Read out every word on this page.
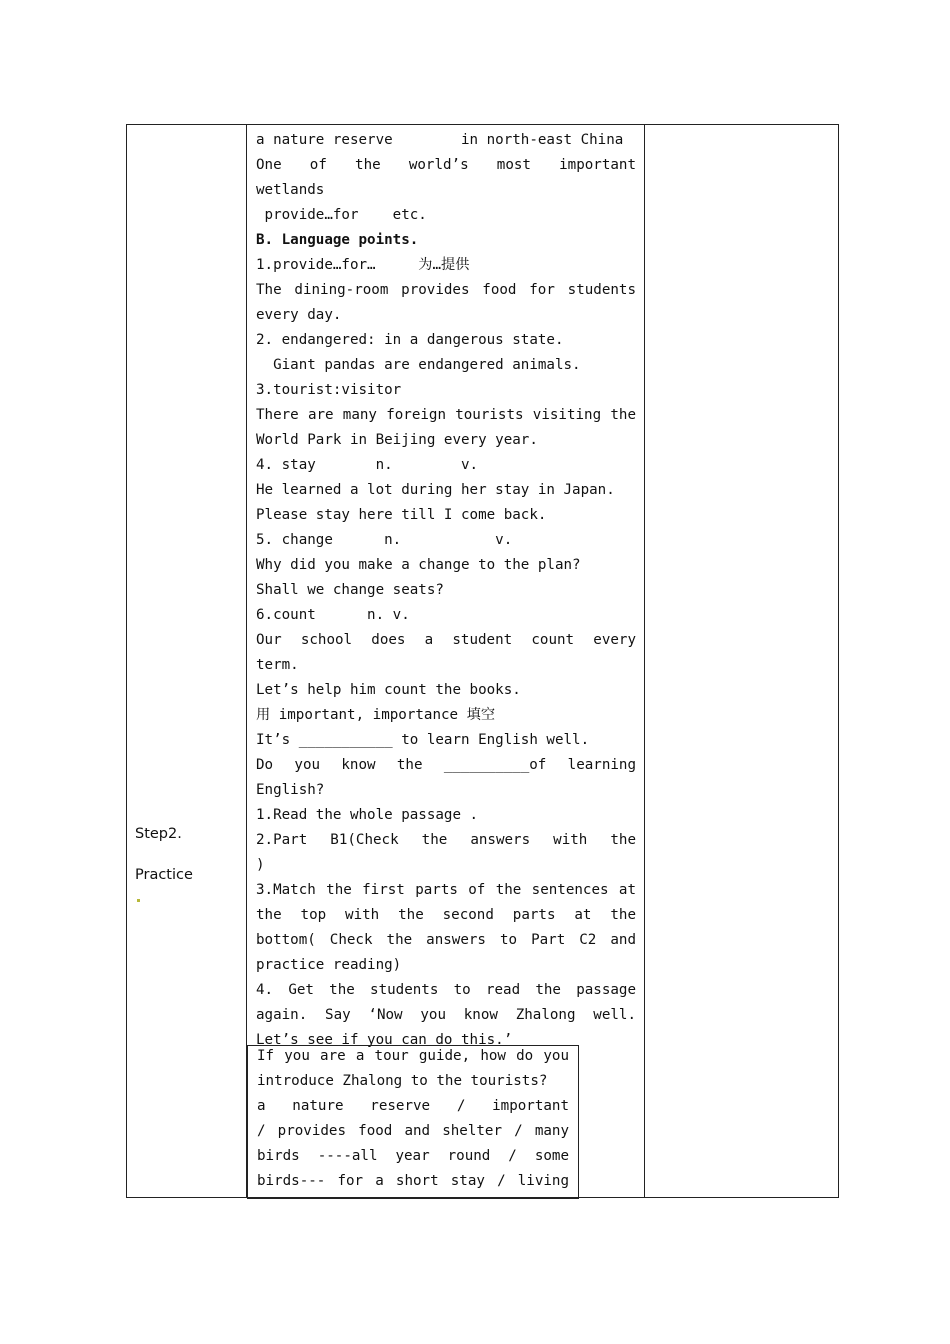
Step2.
Practice
a nature reserve        in north-east China
One of the world’s most important
wetlands
provide…for    etc.
B. Language points.
1.provide…for…     为…提供
The dining-room provides food for students
every day.
2. endangered: in a dangerous state.
Giant pandas are endangered animals.
3.tourist:visitor
There are many foreign tourists visiting the
World Park in Beijing every year.
4. stay       n.        v.
He learned a lot during her stay in Japan.
Please stay here till I come back.
5. change      n.           v.
Why did you make a change to the plan?
Shall we change seats?
6.count      n. v.
Our school does a student count every
term.
Let’s help him count the books.
用 important, importance 填空
It’s ___________ to learn English well.
Do you know the __________of learning
English?
1.Read the whole passage .
2.Part B1(Check the answers with the
)
3.Match the first parts of the sentences at
the top with the second parts at the
bottom( Check the answers to Part C2 and
practice reading)
4. Get the students to read the passage
again. Say ‘Now you know Zhalong well.
Let’s see if you can do this.’
If you are a tour guide, how do you
introduce Zhalong to the tourists?
a nature reserve / important
/ provides food and shelter / many
birds ----all year round / some
birds--- for a short stay / living
